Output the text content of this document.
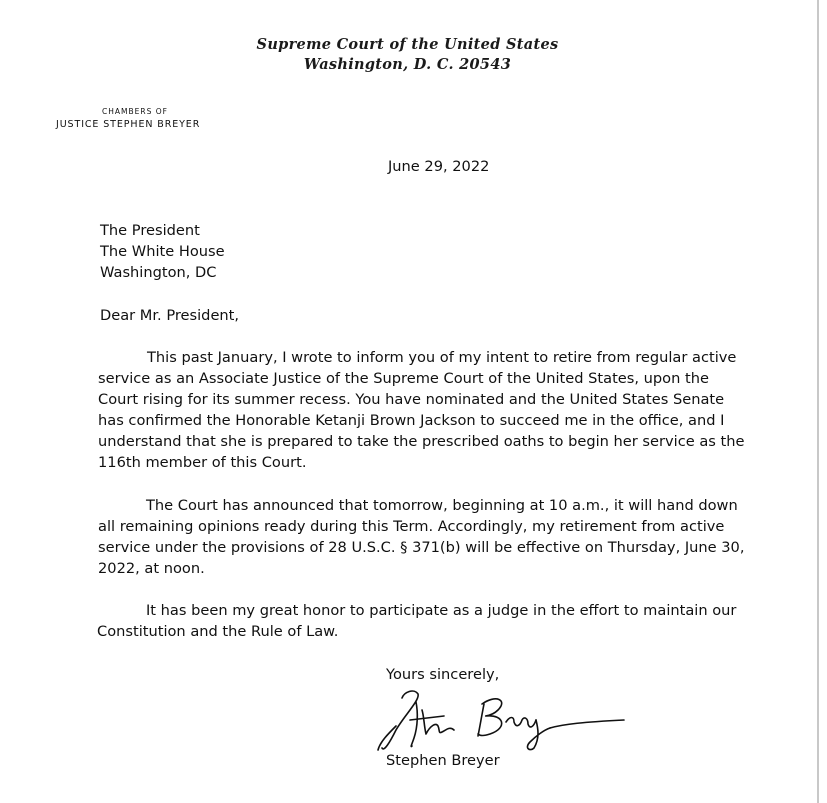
Supreme Court of the United States
Washington, D. C. 20543
CHAMBERS OF
JUSTICE STEPHEN BREYER
June 29, 2022
The President
The White House
Washington, DC
Dear Mr. President,
This past January, I wrote to inform you of my intent to retire from regular active
service as an Associate Justice of the Supreme Court of the United States, upon the
Court rising for its summer recess. You have nominated and the United States Senate
has confirmed the Honorable Ketanji Brown Jackson to succeed me in the office, and I
understand that she is prepared to take the prescribed oaths to begin her service as the
116th member of this Court.
The Court has announced that tomorrow, beginning at 10 a.m., it will hand down
all remaining opinions ready during this Term. Accordingly, my retirement from active
service under the provisions of 28 U.S.C. § 371(b) will be effective on Thursday, June 30,
2022, at noon.
It has been my great honor to participate as a judge in the effort to maintain our
Constitution and the Rule of Law.
Yours sincerely,
Stephen Breyer
